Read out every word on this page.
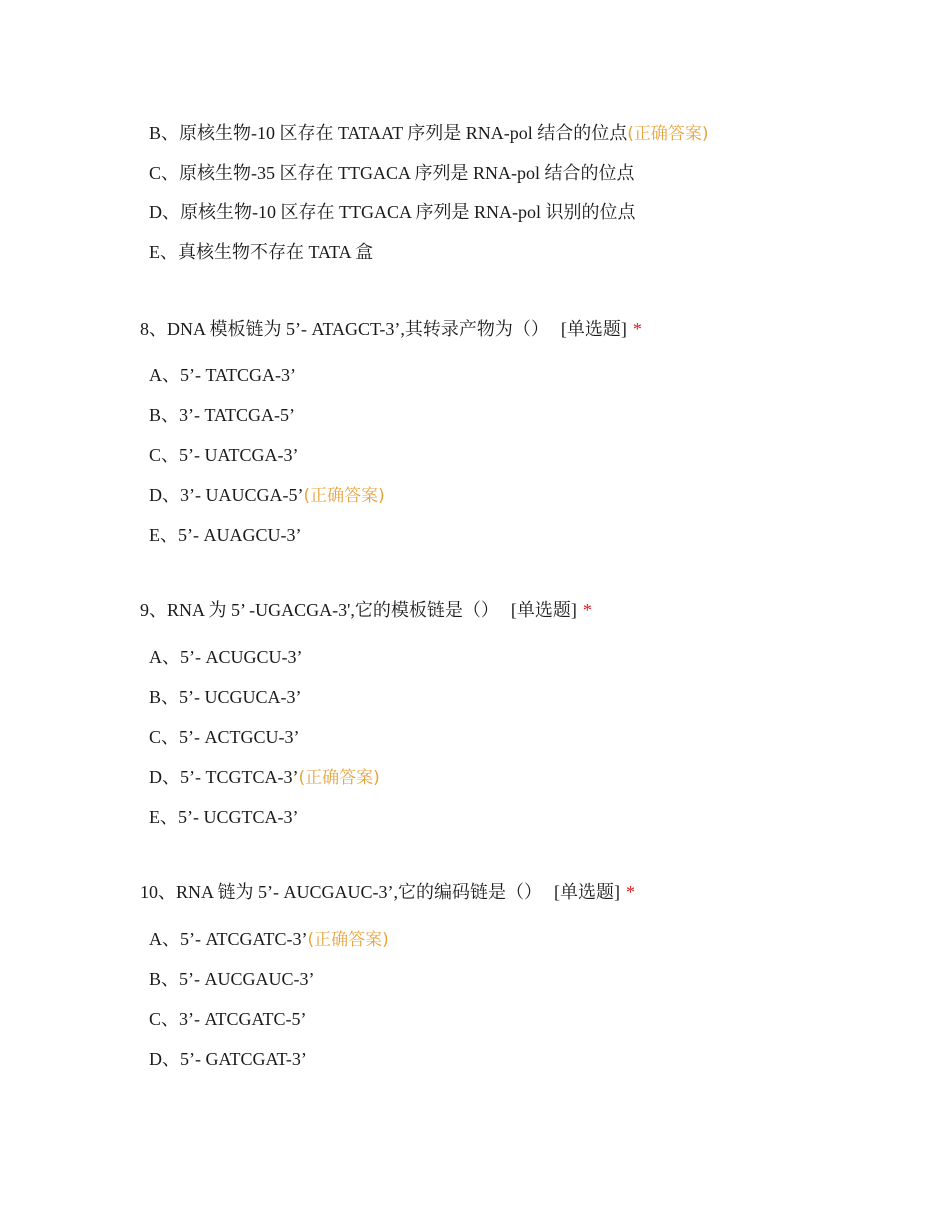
B、原核生物-10 区存在 TATAAT 序列是 RNA-pol 结合的位点(正确答案)
C、原核生物-35 区存在 TTGACA 序列是 RNA-pol 结合的位点
D、原核生物-10 区存在 TTGACA 序列是 RNA-pol 识别的位点
E、真核生物不存在 TATA 盒
8、DNA 模板链为 5’- ATAGCT-3’,其转录产物为（） [单选题] *
A、5’- TATCGA-3’
B、3’- TATCGA-5’
C、5’- UATCGA-3’
D、3’- UAUCGA-5’(正确答案)
E、5’- AUAGCU-3’
9、RNA 为 5’ -UGACGA-3',它的模板链是（） [单选题] *
A、5’- ACUGCU-3’
B、5’- UCGUCA-3’
C、5’- ACTGCU-3’
D、5’- TCGTCA-3’(正确答案)
E、5’- UCGTCA-3’
10、RNA 链为 5’- AUCGAUC-3’,它的编码链是（） [单选题] *
A、5’- ATCGATC-3’(正确答案)
B、5’- AUCGAUC-3’
C、3’- ATCGATC-5’
D、5’- GATCGAT-3’
